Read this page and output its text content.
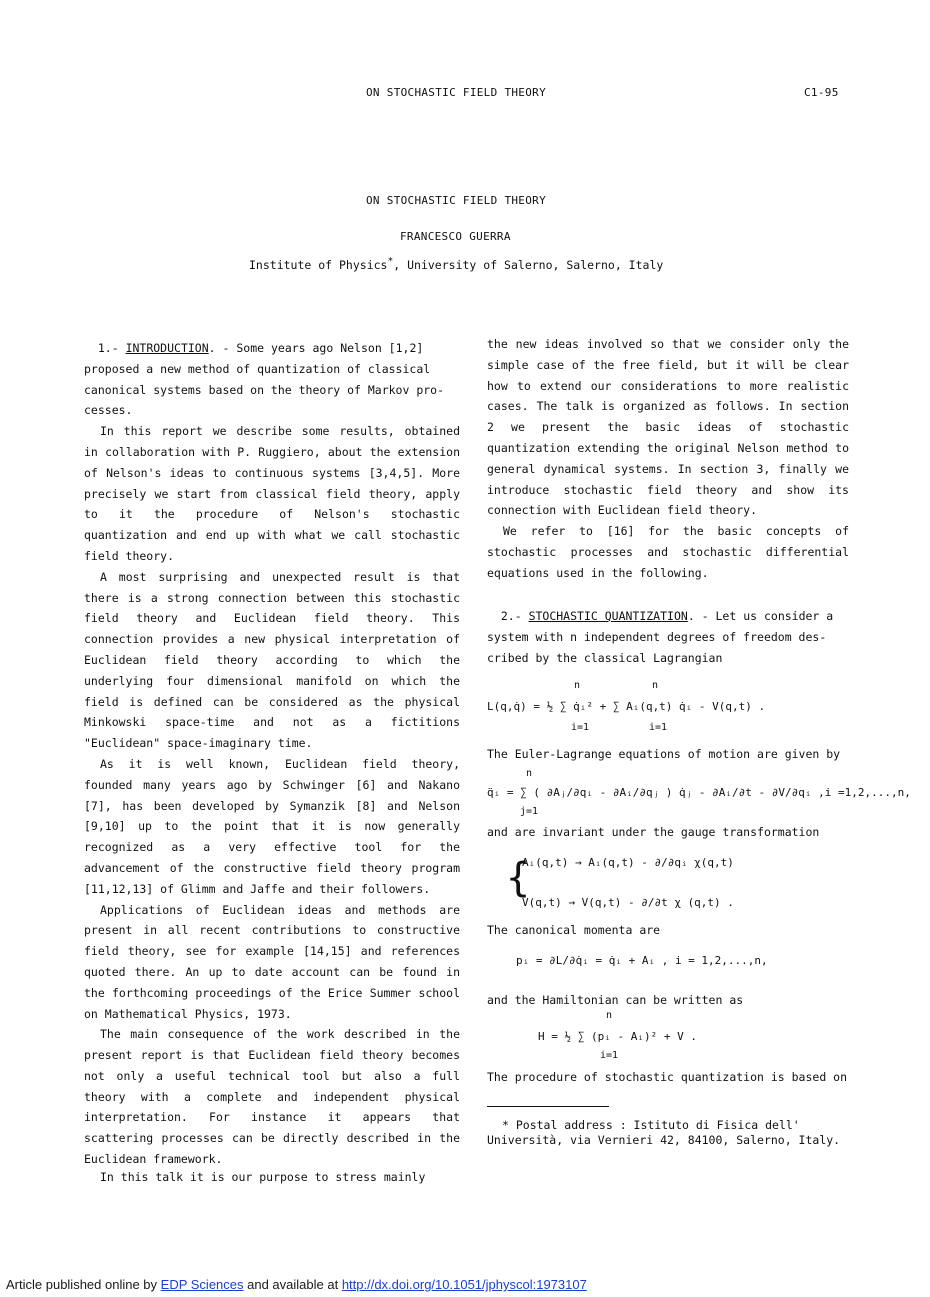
ON STOCHASTIC FIELD THEORY	C1-95
ON STOCHASTIC FIELD THEORY
FRANCESCO GUERRA
Institute of Physics*, University of Salerno, Salerno, Italy

1.- INTRODUCTION. - Some years ago Nelson [1,2]

proposed a new method of quantization of classical

canonical systems based on the theory of Markov pro-

cesses.

In this report we describe some results, obtained in collaboration with P. Ruggiero, about the extension of Nelson's ideas to continuous systems [3,4,5]. More precisely we start from classical field theory, apply to it the procedure of Nelson's stochastic quantization and end up with what we call stochastic field theory.

A most surprising and unexpected result is that there is a strong connection between this stochastic field theory and Euclidean field theory. This connection provides a new physical interpretation of Euclidean field theory according to which the underlying four dimensional manifold on which the field is defined can be considered as the physical Minkowski space-time and not as a fictitions "Euclidean" space-imaginary time.

As it is well known, Euclidean field theory, founded many years ago by Schwinger [6] and Nakano [7], has been developed by Symanzik [8] and Nelson [9,10] up to the point that it is now generally recognized as a very effective tool for the advancement of the constructive field theory program [11,12,13] of Glimm and Jaffe and their followers.

Applications of Euclidean ideas and methods are present in all recent contributions to constructive field theory, see for example [14,15] and references quoted there. An up to date account can be found in the forthcoming proceedings of the Erice Summer school on Mathematical Physics, 1973.

The main consequence of the work described in the present report is that Euclidean field theory becomes not only a useful technical tool but also a full theory with a complete and independent physical interpretation. For instance it appears that scattering processes can be directly described in the Euclidean framework.

In this talk it is our purpose to stress mainly

the new ideas involved so that we consider only the simple case of the free field, but it will be clear how to extend our considerations to more realistic cases. The talk is organized as follows. In section 2 we present the basic ideas of stochastic quantization extending the original Nelson method to general dynamical systems. In section 3, finally we introduce stochastic field theory and show its connection with Euclidean field theory.

We refer to [16] for the basic concepts of stochastic processes and stochastic differential equations used in the following.

2.- STOCHASTIC QUANTIZATION. - Let us consider a

system with n independent degrees of freedom des-

cribed by the classical Lagrangian

L(q,q̇) = ½ ∑ q̇ᵢ² + ∑ Aᵢ(q,t) q̇ᵢ - V(q,t) .
n
i=1
n
i=1

The Euler-Lagrange equations of motion are given by

q̈ᵢ = ∑ ( ∂Aⱼ/∂qᵢ - ∂Aᵢ/∂qⱼ ) q̇ⱼ - ∂Aᵢ/∂t - ∂V/∂qᵢ ,i =1,2,...,n,
n
j=1

and are invariant under the gauge transformation

{
Aᵢ(q,t) → Aᵢ(q,t) - ∂/∂qᵢ χ(q,t)
V(q,t) → V(q,t) - ∂/∂t χ (q,t) .

The canonical momenta are

pᵢ = ∂L/∂q̇ᵢ = q̇ᵢ + Aᵢ , i = 1,2,...,n,

and the Hamiltonian can be written as

H = ½ ∑ (pᵢ - Aᵢ)² + V .
n
i=1

The procedure of stochastic quantization is based on

* Postal address : Istituto di Fisica dell'
Università, via Vernieri 42, 84100, Salerno, Italy.
Article published online by EDP Sciences and available at http://dx.doi.org/10.1051/jphyscol:1973107
